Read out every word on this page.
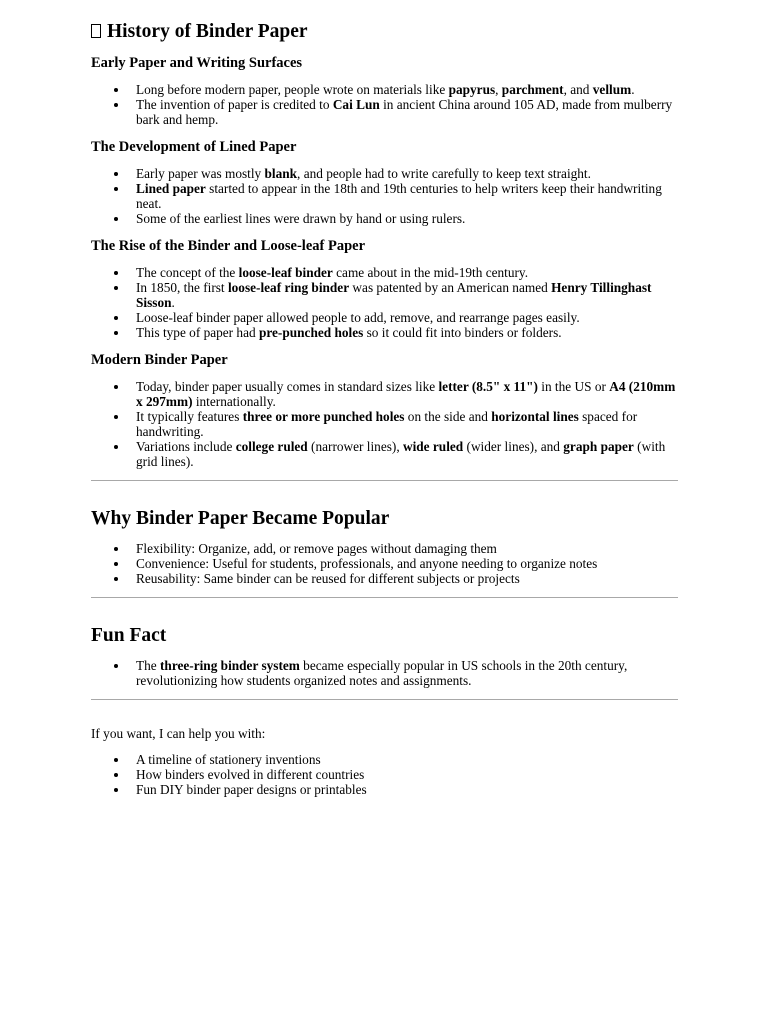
History of Binder Paper
Early Paper and Writing Surfaces
Long before modern paper, people wrote on materials like papyrus, parchment, and vellum.
The invention of paper is credited to Cai Lun in ancient China around 105 AD, made from mulberry bark and hemp.
The Development of Lined Paper
Early paper was mostly blank, and people had to write carefully to keep text straight.
Lined paper started to appear in the 18th and 19th centuries to help writers keep their handwriting neat.
Some of the earliest lines were drawn by hand or using rulers.
The Rise of the Binder and Loose-leaf Paper
The concept of the loose-leaf binder came about in the mid-19th century.
In 1850, the first loose-leaf ring binder was patented by an American named Henry Tillinghast Sisson.
Loose-leaf binder paper allowed people to add, remove, and rearrange pages easily.
This type of paper had pre-punched holes so it could fit into binders or folders.
Modern Binder Paper
Today, binder paper usually comes in standard sizes like letter (8.5" x 11") in the US or A4 (210mm x 297mm) internationally.
It typically features three or more punched holes on the side and horizontal lines spaced for handwriting.
Variations include college ruled (narrower lines), wide ruled (wider lines), and graph paper (with grid lines).
Why Binder Paper Became Popular
Flexibility: Organize, add, or remove pages without damaging them
Convenience: Useful for students, professionals, and anyone needing to organize notes
Reusability: Same binder can be reused for different subjects or projects
Fun Fact
The three-ring binder system became especially popular in US schools in the 20th century, revolutionizing how students organized notes and assignments.

If you want, I can help you with:

A timeline of stationery inventions
How binders evolved in different countries
Fun DIY binder paper designs or printables
